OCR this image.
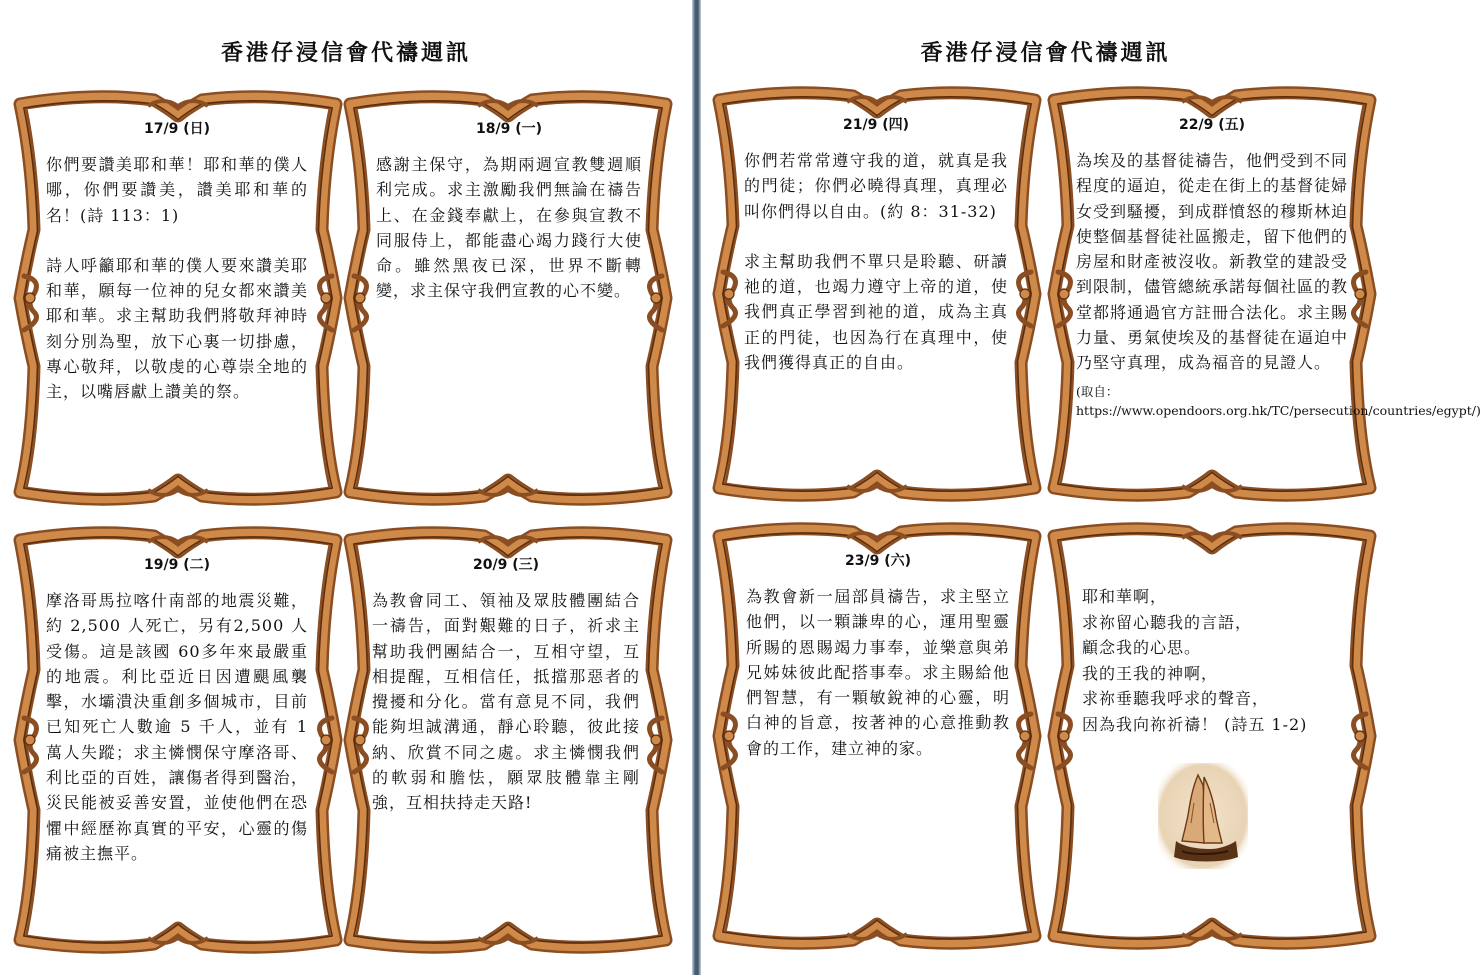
香港仔浸信會代禱週訊	香港仔浸信會代禱週訊
17/9 (日)
你們要讚美耶和華！耶和華的僕人哪，你們要讚美，讚美耶和華的名！(詩 113：1)
詩人呼籲耶和華的僕人要來讚美耶和華，願每一位神的兒女都來讚美耶和華。求主幫助我們將敬拜神時刻分別為聖，放下心裏一切掛慮，專心敬拜，以敬虔的心尊崇全地的主，以嘴唇獻上讚美的祭。
18/9 (一)
感謝主保守，為期兩週宣教雙週順利完成。求主激勵我們無論在禱告上、在金錢奉獻上，在參與宣教不同服侍上，都能盡心竭力踐行大使命。雖然黑夜已深，世界不斷轉變，求主保守我們宣教的心不變。
19/9 (二)
摩洛哥馬拉喀什南部的地震災難，約 2,500 人死亡，另有2,500 人受傷。這是該國 60多年來最嚴重的地震。利比亞近日因遭颶風襲擊，水壩潰決重創多個城市，目前已知死亡人數逾 5 千人，並有 1 萬人失蹤；求主憐憫保守摩洛哥、利比亞的百姓，讓傷者得到醫治，災民能被妥善安置，並使他們在恐懼中經歷祢真實的平安，心靈的傷痛被主撫平。
20/9 (三)
為教會同工、領袖及眾肢體團結合一禱告，面對艱難的日子，祈求主幫助我們團結合一，互相守望，互相提醒，互相信任，抵擋那惡者的攪擾和分化。當有意見不同，我們能夠坦誠溝通，靜心聆聽，彼此接納、欣賞不同之處。求主憐憫我們的軟弱和膽怯，願眾肢體靠主剛強，互相扶持走天路!
21/9 (四)
你們若常常遵守我的道，就真是我的門徒；你們必曉得真理，真理必叫你們得以自由。(約 8：31-32)
求主幫助我們不單只是聆聽、研讀祂的道，也竭力遵守上帝的道，使我們真正學習到祂的道，成為主真正的門徒，也因為行在真理中，使我們獲得真正的自由。
22/9 (五)
為埃及的基督徒禱告，他們受到不同程度的逼迫，從走在街上的基督徒婦女受到騷擾，到成群憤怒的穆斯林迫使整個基督徒社區搬走，留下他們的房屋和財產被沒收。新教堂的建設受到限制，儘管總統承諾每個社區的教堂都將通過官方註冊合法化。求主賜力量、勇氣使埃及的基督徒在逼迫中乃堅守真理，成為福音的見證人。
(取自：https://www.opendoors.org.hk/TC/persecution/countries/egypt/)
23/9 (六)
為教會新一屆部員禱告，求主堅立他們，以一顆謙卑的心，運用聖靈所賜的恩賜竭力事奉，並樂意與弟兄姊妹彼此配搭事奉。求主賜給他們智慧，有一顆敏銳神的心靈，明白神的旨意，按著神的心意推動教會的工作，建立神的家。
耶和華啊，
求祢留心聽我的言語，
顧念我的心思。
我的王我的神啊，
求祢垂聽我呼求的聲音，
因為我向祢祈禱！ (詩五 1-2)
